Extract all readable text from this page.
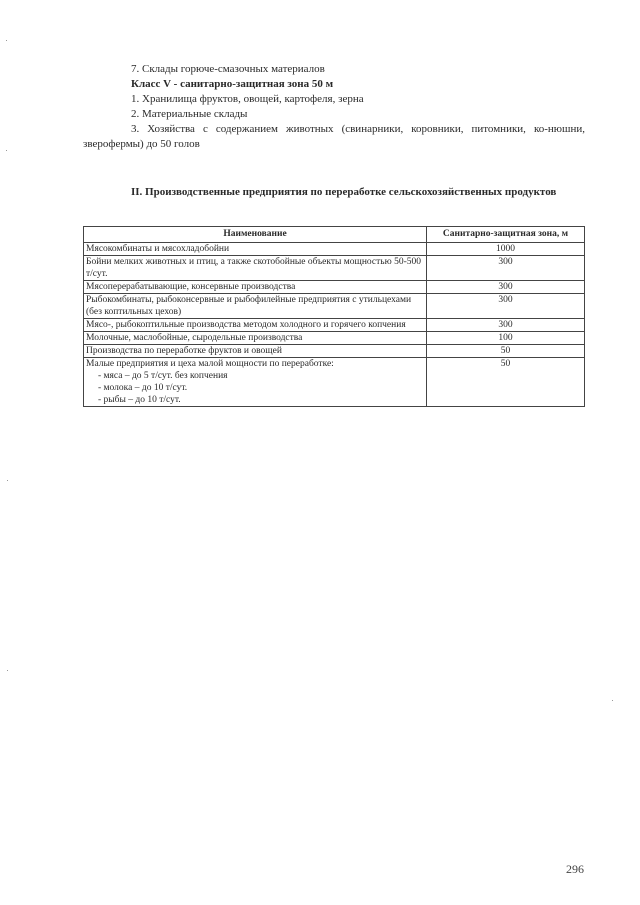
7. Склады горюче-смазочных материалов
Класс V - санитарно-защитная зона 50 м
1. Хранилища фруктов, овощей, картофеля, зерна
2. Материальные склады
3. Хозяйства с содержанием животных (свинарники, коровники, питомники, ко-нюшни, зверофермы) до 50 голов
II. Производственные предприятия по переработке сельскохозяйственных продуктов
Наименование	Санитарно-защитная зона, м
Мясокомбинаты и мясохладобойни	1000
Бойни мелких животных и птиц, а также скотобойные объекты мощностью 50-500 т/сут.	300
Мясоперерабатывающие, консервные производства	300
Рыбокомбинаты, рыбоконсервные и рыбофилейные предприятия с утильцехами (без коптильных цехов)	300
Мясо-, рыбокоптильные производства методом холодного и горячего копчения	300
Молочные, маслобойные, сыродельные производства	100
Производства по переработке фруктов и овощей	50
Малые предприятия и цеха малой мощности по переработке:
- мяса – до 5 т/сут. без копчения
- молока – до 10 т/сут.
- рыбы – до 10 т/сут.	50
296
